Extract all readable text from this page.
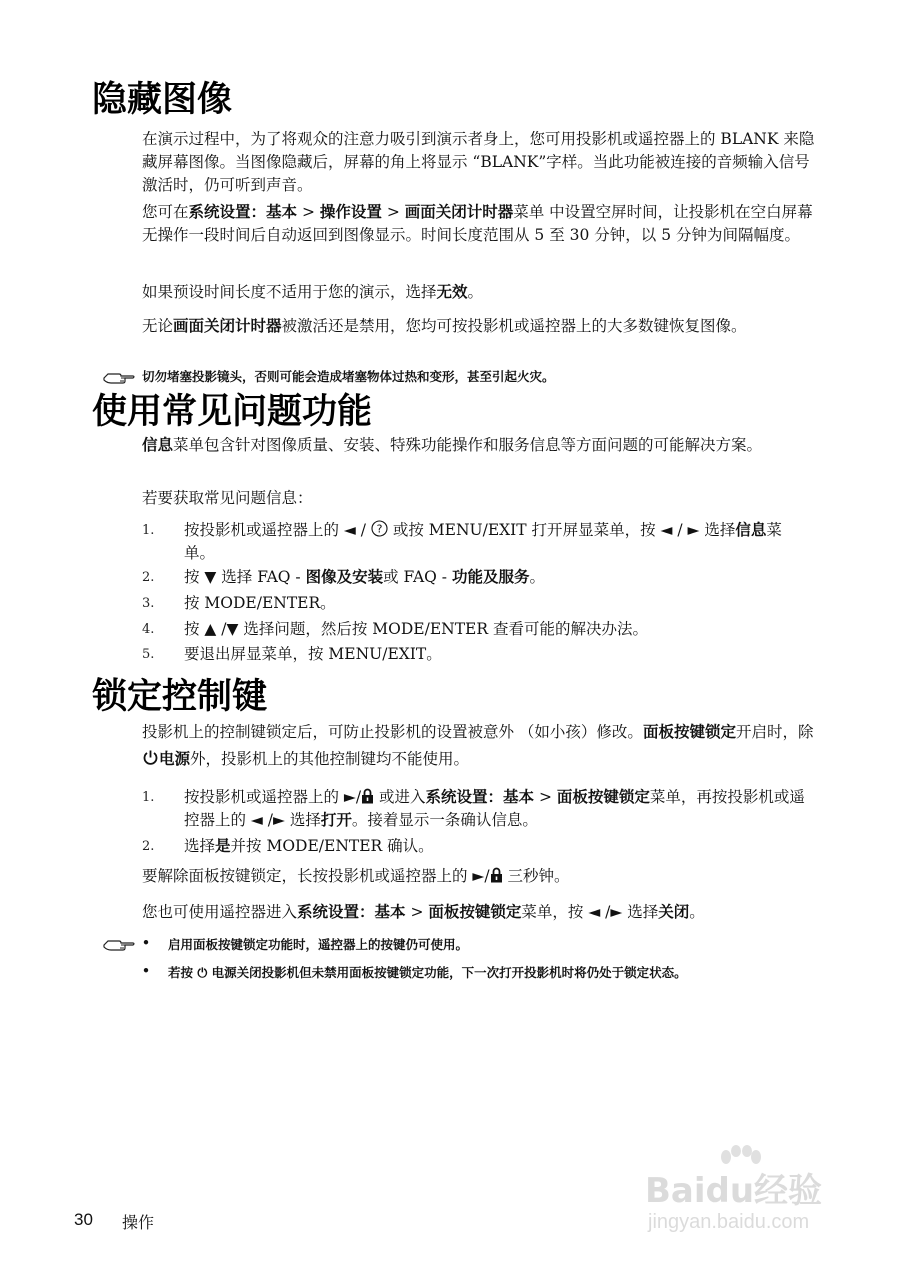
隐藏图像
在演示过程中，为了将观众的注意力吸引到演示者身上，您可用投影机或遥控器上的 BLANK 来隐藏屏幕图像。当图像隐藏后，屏幕的角上将显示 “BLANK”字样。当此功能被连接的音频输入信号激活时，仍可听到声音。
您可在系统设置：基本 > 操作设置 > 画面关闭计时器菜单 中设置空屏时间，让投影机在空白屏幕无操作一段时间后自动返回到图像显示。时间长度范围从 5 至 30 分钟，以 5 分钟为间隔幅度。
如果预设时间长度不适用于您的演示，选择无效。
无论画面关闭计时器被激活还是禁用，您均可按投影机或遥控器上的大多数键恢复图像。
切勿堵塞投影镜头，否则可能会造成堵塞物体过热和变形，甚至引起火灾。
使用常见问题功能
信息菜单包含针对图像质量、安装、特殊功能操作和服务信息等方面问题的可能解决方案。
若要获取常见问题信息：
1. 按投影机或遥控器上的 ◄ / ? 或按 MENU/EXIT 打开屏显菜单，按 ◄ / ► 选择信息菜单。
2. 按 ▼ 选择 FAQ - 图像及安装或 FAQ - 功能及服务。
3. 按 MODE/ENTER。
4. 按 ▲ /▼ 选择问题，然后按 MODE/ENTER 查看可能的解决办法。
5. 要退出屏显菜单，按 MENU/EXIT。
锁定控制键
投影机上的控制键锁定后，可防止投影机的设置被意外 （如小孩）修改。面板按键锁定开启时，除 电源外，投影机上的其他控制键均不能使用。
1. 按投影机或遥控器上的 ►/ 或进入系统设置：基本 > 面板按键锁定菜单，再按投影机或遥控器上的 ◄ /► 选择打开。接着显示一条确认信息。
2. 选择是并按 MODE/ENTER 确认。
要解除面板按键锁定，长按投影机或遥控器上的 ►/ 三秒钟。
您也可使用遥控器进入系统设置：基本 > 面板按键锁定菜单，按 ◄ /► 选择关闭。
• 启用面板按键锁定功能时，遥控器上的按键仍可使用。
• 若按 ⏻ 电源关闭投影机但未禁用面板按键锁定功能，下一次打开投影机时将仍处于锁定状态。
30 操作
Baidu经验
jingyan.baidu.com
